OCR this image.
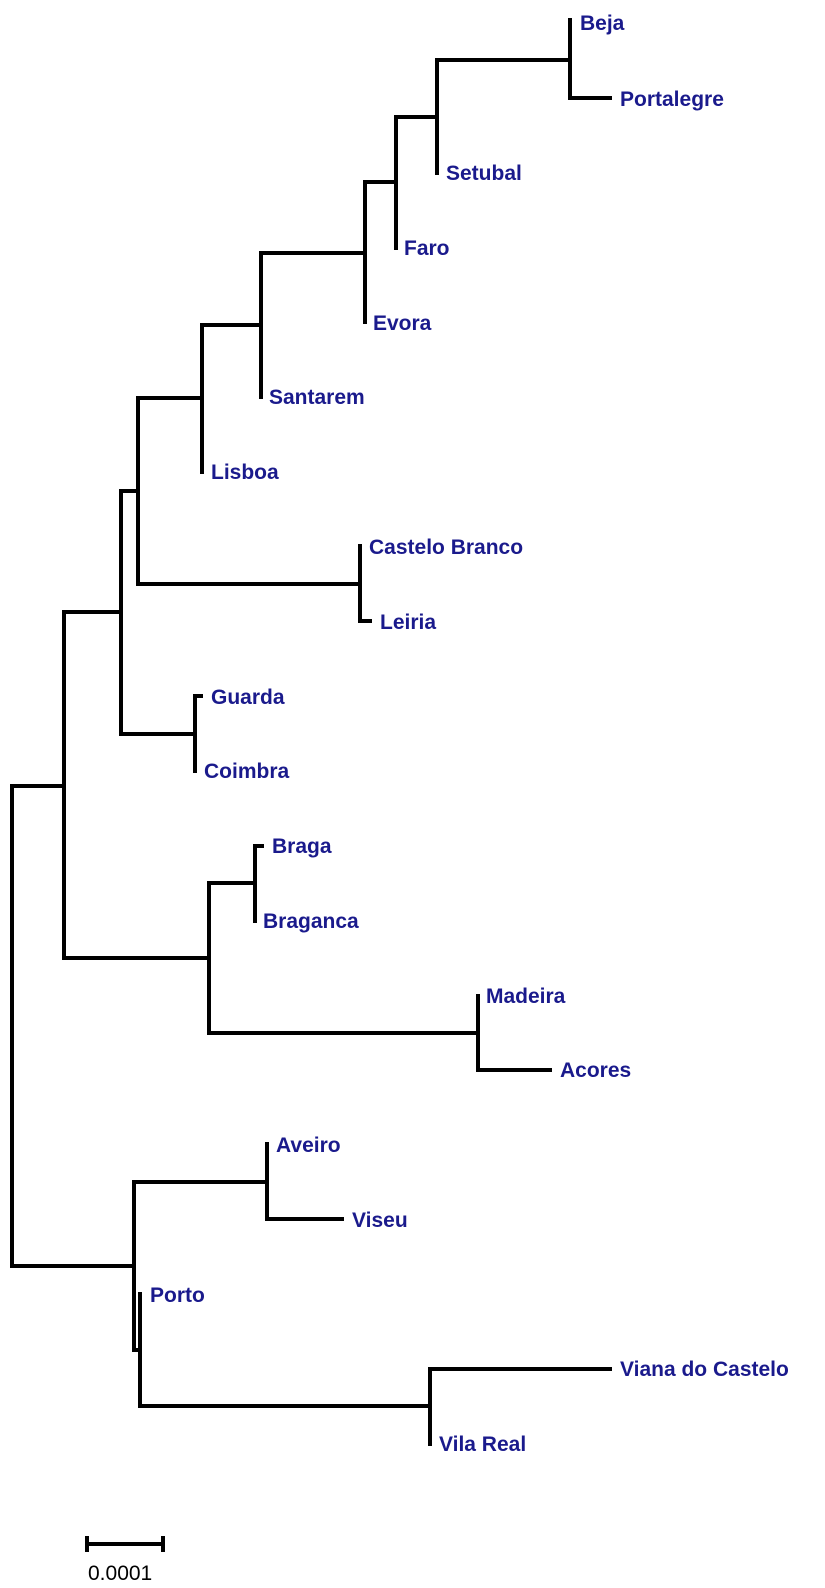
Beja
Portalegre
Setubal
Faro
Evora
Santarem
Lisboa
Castelo Branco
Leiria
Guarda
Coimbra
Braga
Braganca
Madeira
Acores
Aveiro
Viseu
Porto
Viana do Castelo
Vila Real
0.0001
